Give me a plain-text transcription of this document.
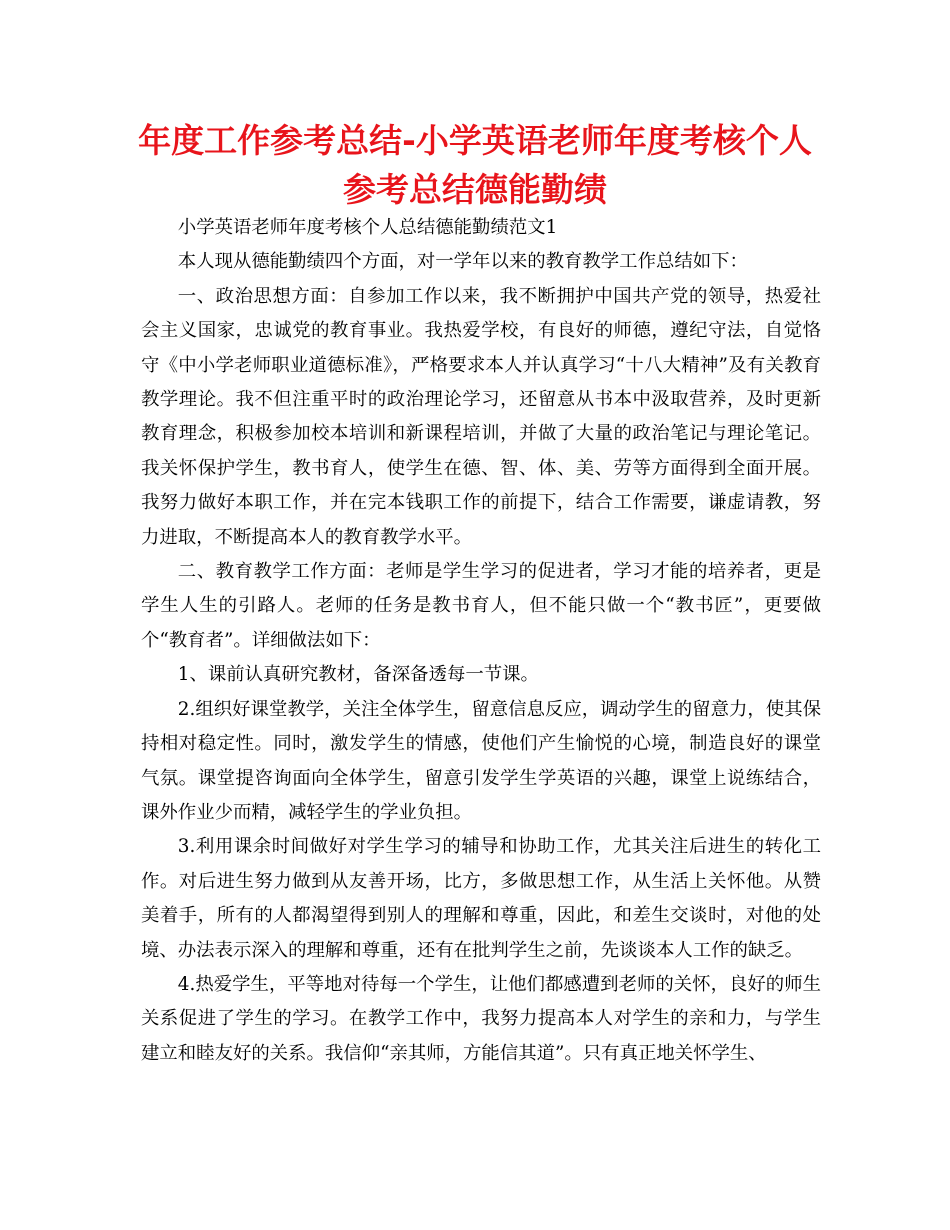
年度工作参考总结-小学英语老师年度考核个人参考总结德能勤绩

小学英语老师年度考核个人总结德能勤绩范文1

本人现从德能勤绩四个方面，对一学年以来的教育教学工作总结如下：

一、政治思想方面：自参加工作以来，我不断拥护中国共产党的领导，热爱社会主义国家，忠诚党的教育事业。我热爱学校，有良好的师德，遵纪守法，自觉恪守《中小学老师职业道德标准》，严格要求本人并认真学习“十八大精神”及有关教育教学理论。我不但注重平时的政治理论学习，还留意从书本中汲取营养，及时更新教育理念，积极参加校本培训和新课程培训，并做了大量的政治笔记与理论笔记。我关怀保护学生，教书育人，使学生在德、智、体、美、劳等方面得到全面开展。我努力做好本职工作，并在完本钱职工作的前提下，结合工作需要，谦虚请教，努力进取，不断提高本人的教育教学水平。

二、教育教学工作方面：老师是学生学习的促进者，学习才能的培养者，更是学生人生的引路人。老师的任务是教书育人，但不能只做一个“教书匠”，更要做个“教育者”。详细做法如下：

1、课前认真研究教材，备深备透每一节课。

2.组织好课堂教学，关注全体学生，留意信息反应，调动学生的留意力，使其保持相对稳定性。同时，激发学生的情感，使他们产生愉悦的心境，制造良好的课堂气氛。课堂提咨询面向全体学生，留意引发学生学英语的兴趣，课堂上说练结合，课外作业少而精，减轻学生的学业负担。

3.利用课余时间做好对学生学习的辅导和协助工作，尤其关注后进生的转化工作。对后进生努力做到从友善开场，比方，多做思想工作，从生活上关怀他。从赞美着手，所有的人都渴望得到别人的理解和尊重，因此，和差生交谈时，对他的处境、办法表示深入的理解和尊重，还有在批判学生之前，先谈谈本人工作的缺乏。

4.热爱学生，平等地对待每一个学生，让他们都感遭到老师的关怀，良好的师生关系促进了学生的学习。在教学工作中，我努力提高本人对学生的亲和力，与学生建立和睦友好的关系。我信仰“亲其师，方能信其道”。只有真正地关怀学生、
